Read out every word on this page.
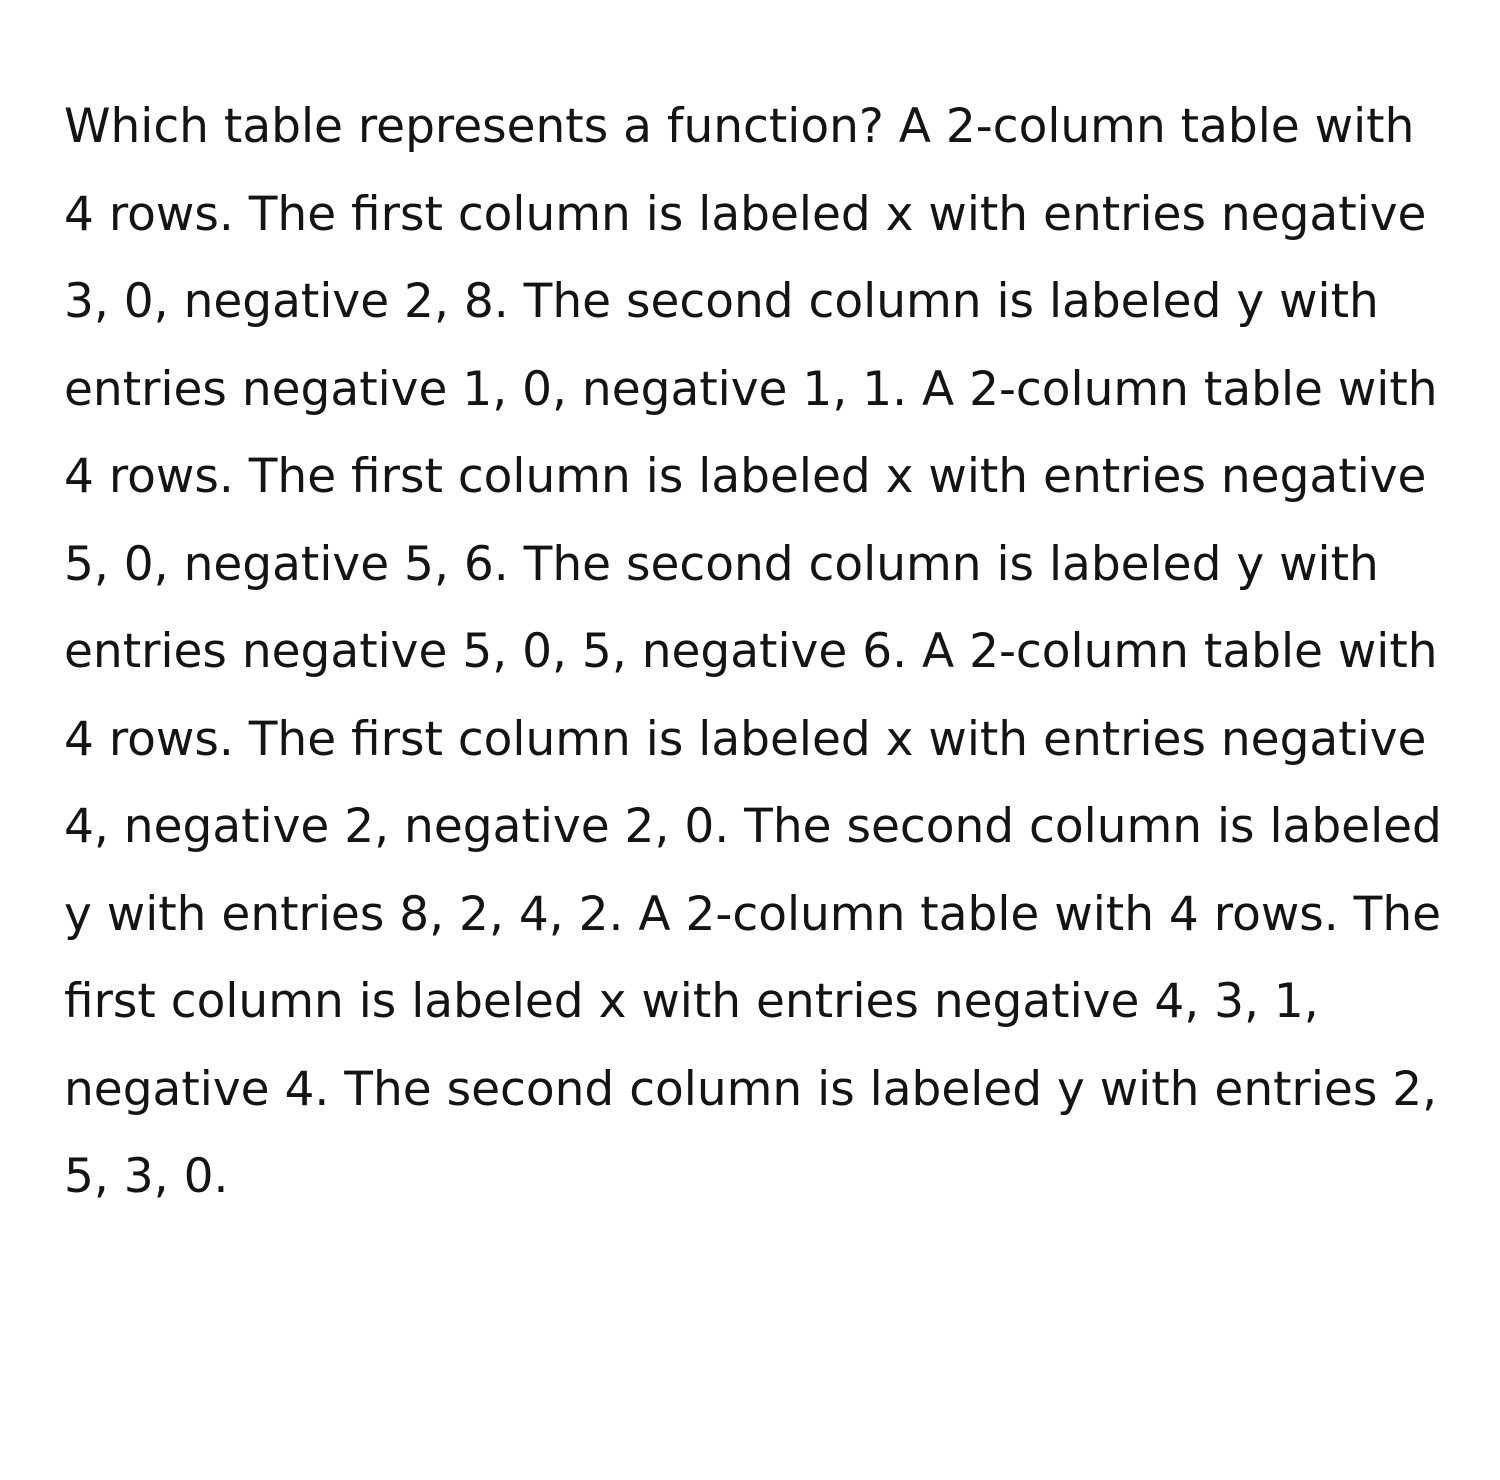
Which table represents a function? A 2-column table with 4 rows. The first column is labeled x with entries negative 3, 0, negative 2, 8. The second column is labeled y with entries negative 1, 0, negative 1, 1. A 2-column table with 4 rows. The first column is labeled x with entries negative 5, 0, negative 5, 6. The second column is labeled y with entries negative 5, 0, 5, negative 6. A 2-column table with 4 rows. The first column is labeled x with entries negative 4, negative 2, negative 2, 0. The second column is labeled y with entries 8, 2, 4, 2. A 2-column table with 4 rows. The first column is labeled x with entries negative 4, 3, 1, negative 4. The second column is labeled y with entries 2, 5, 3, 0.
